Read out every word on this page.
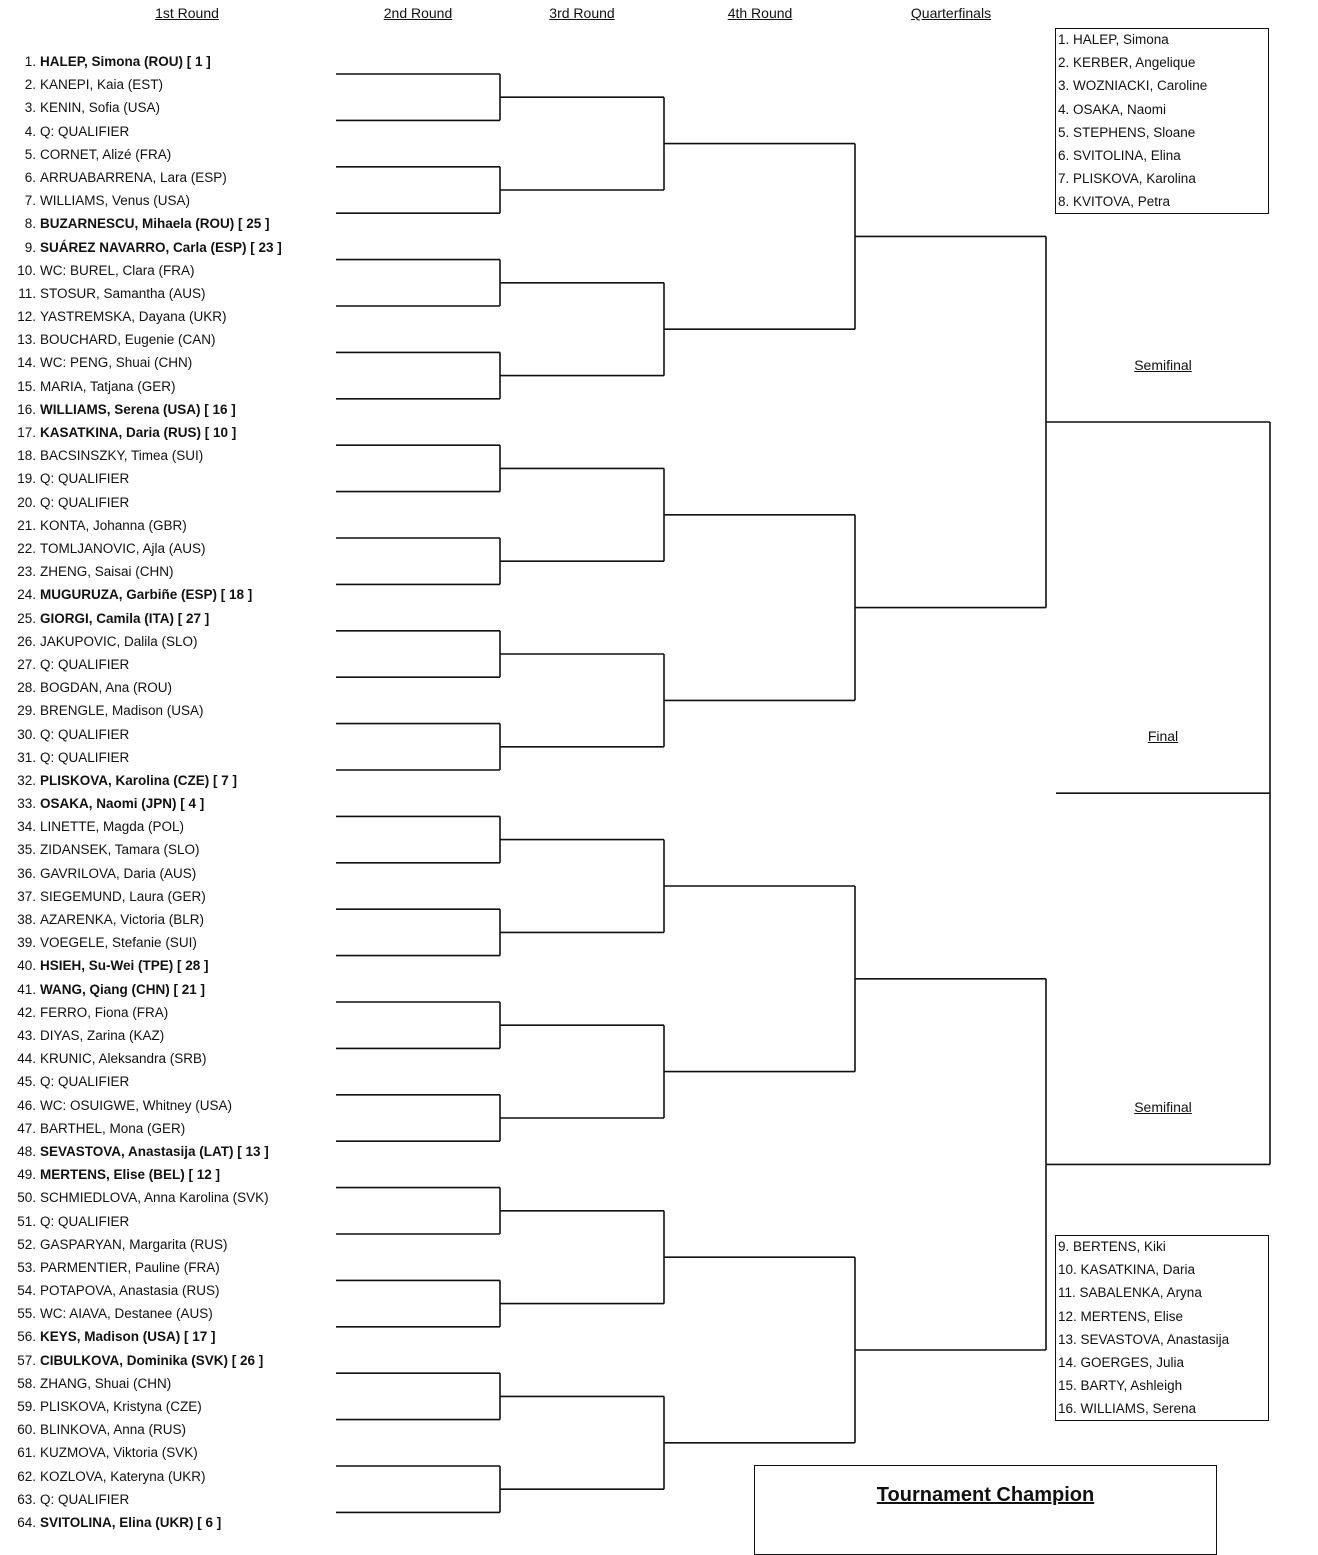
1st Round	2nd Round	3rd Round	4th Round	Quarterfinals
1. HALEP, Simona (ROU) [ 1 ]
2. KANEPI, Kaia (EST)
3. KENIN, Sofia (USA)
4. Q: QUALIFIER
5. CORNET, Alizé (FRA)
6. ARRUABARRENA, Lara (ESP)
7. WILLIAMS, Venus (USA)
8. BUZARNESCU, Mihaela (ROU) [ 25 ]
9. SUÁREZ NAVARRO, Carla (ESP) [ 23 ]
10. WC: BUREL, Clara (FRA)
11. STOSUR, Samantha (AUS)
12. YASTREMSKA, Dayana (UKR)
13. BOUCHARD, Eugenie (CAN)
14. WC: PENG, Shuai (CHN)
15. MARIA, Tatjana (GER)
16. WILLIAMS, Serena (USA) [ 16 ]
17. KASATKINA, Daria (RUS) [ 10 ]
18. BACSINSZKY, Timea (SUI)
19. Q: QUALIFIER
20. Q: QUALIFIER
21. KONTA, Johanna (GBR)
22. TOMLJANOVIC, Ajla (AUS)
23. ZHENG, Saisai (CHN)
24. MUGURUZA, Garbiñe (ESP) [ 18 ]
25. GIORGI, Camila (ITA) [ 27 ]
26. JAKUPOVIC, Dalila (SLO)
27. Q: QUALIFIER
28. BOGDAN, Ana (ROU)
29. BRENGLE, Madison (USA)
30. Q: QUALIFIER
31. Q: QUALIFIER
32. PLISKOVA, Karolina (CZE) [ 7 ]
33. OSAKA, Naomi (JPN) [ 4 ]
34. LINETTE, Magda (POL)
35. ZIDANSEK, Tamara (SLO)
36. GAVRILOVA, Daria (AUS)
37. SIEGEMUND, Laura (GER)
38. AZARENKA, Victoria (BLR)
39. VOEGELE, Stefanie (SUI)
40. HSIEH, Su-Wei (TPE) [ 28 ]
41. WANG, Qiang (CHN) [ 21 ]
42. FERRO, Fiona (FRA)
43. DIYAS, Zarina (KAZ)
44. KRUNIC, Aleksandra (SRB)
45. Q: QUALIFIER
46. WC: OSUIGWE, Whitney (USA)
47. BARTHEL, Mona (GER)
48. SEVASTOVA, Anastasija (LAT) [ 13 ]
49. MERTENS, Elise (BEL) [ 12 ]
50. SCHMIEDLOVA, Anna Karolina (SVK)
51. Q: QUALIFIER
52. GASPARYAN, Margarita (RUS)
53. PARMENTIER, Pauline (FRA)
54. POTAPOVA, Anastasia (RUS)
55. WC: AIAVA, Destanee (AUS)
56. KEYS, Madison (USA) [ 17 ]
57. CIBULKOVA, Dominika (SVK) [ 26 ]
58. ZHANG, Shuai (CHN)
59. PLISKOVA, Kristyna (CZE)
60. BLINKOVA, Anna (RUS)
61. KUZMOVA, Viktoria (SVK)
62. KOZLOVA, Kateryna (UKR)
63. Q: QUALIFIER
64. SVITOLINA, Elina (UKR) [ 6 ]
1. HALEP, Simona
2. KERBER, Angelique
3. WOZNIACKI, Caroline
4. OSAKA, Naomi
5. STEPHENS, Sloane
6. SVITOLINA, Elina
7. PLISKOVA, Karolina
8. KVITOVA, Petra
9. BERTENS, Kiki
10. KASATKINA, Daria
11. SABALENKA, Aryna
12. MERTENS, Elise
13. SEVASTOVA, Anastasija
14. GOERGES, Julia
15. BARTY, Ashleigh
16. WILLIAMS, Serena
Semifinal
Final
Semifinal
Tournament Champion
